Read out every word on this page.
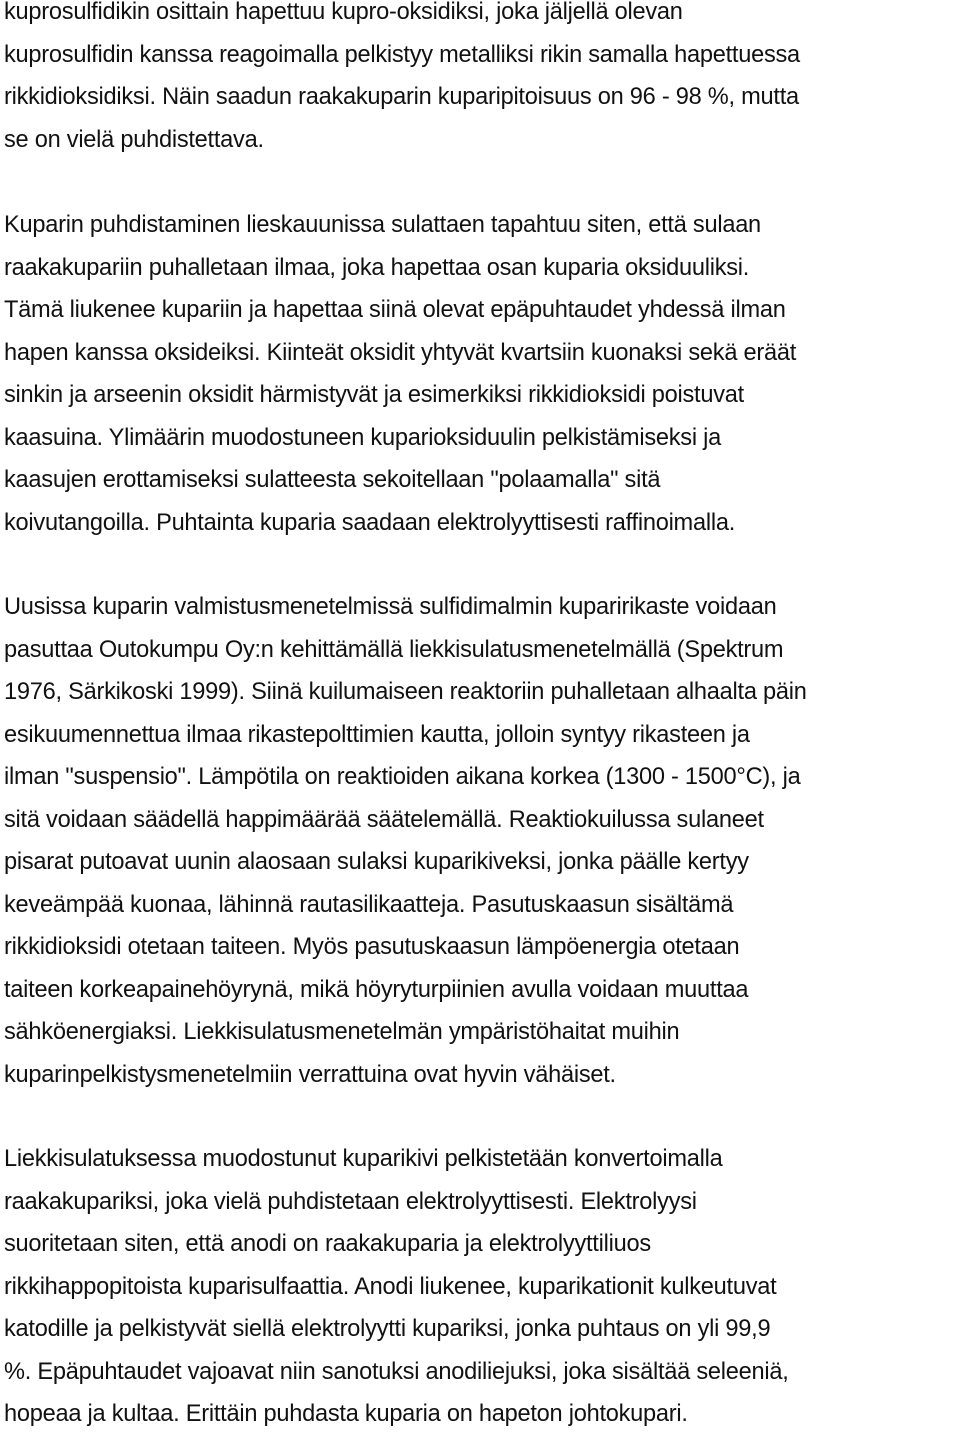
kuprosulfidikin osittain hapettuu kupro-oksidiksi, joka jäljellä olevan
kuprosulfidin kanssa reagoimalla pelkistyy metalliksi rikin samalla hapettuessa
rikkidioksidiksi. Näin saadun raakakuparin kuparipitoisuus on 96 - 98 %, mutta
se on vielä puhdistettava.
Kuparin puhdistaminen lieskauunissa sulattaen tapahtuu siten, että sulaan
raakakupariin puhalletaan ilmaa, joka hapettaa osan kuparia oksiduuliksi.
Tämä liukenee kupariin ja hapettaa siinä olevat epäpuhtaudet yhdessä ilman
hapen kanssa oksideiksi. Kiinteät oksidit yhtyvät kvartsiin kuonaksi sekä eräät
sinkin ja arseenin oksidit härmistyvät ja esimerkiksi rikkidioksidi poistuvat
kaasuina. Ylimäärin muodostuneen kuparioksiduulin pelkistämiseksi ja
kaasujen erottamiseksi sulatteesta sekoitellaan "polaamalla" sitä
koivutangoilla. Puhtainta kuparia saadaan elektrolyyttisesti raffinoimalla.
Uusissa kuparin valmistusmenetelmissä sulfidimalmin kuparirikaste voidaan
pasuttaa Outokumpu Oy:n kehittämällä liekkisulatusmenetelmällä (Spektrum
1976, Särkikoski 1999). Siinä kuilumaiseen reaktoriin puhalletaan alhaalta päin
esikuumennettua ilmaa rikastepolttimien kautta, jolloin syntyy rikasteen ja
ilman "suspensio". Lämpötila on reaktioiden aikana korkea (1300 - 1500°C), ja
sitä voidaan säädellä happimäärää säätelemällä. Reaktiokuilussa sulaneet
pisarat putoavat uunin alaosaan sulaksi kuparikiveksi, jonka päälle kertyy
keveämpää kuonaa, lähinnä rautasilikaatteja. Pasutuskaasun sisältämä
rikkidioksidi otetaan taiteen. Myös pasutuskaasun lämpöenergia otetaan
taiteen korkeapainehöyrynä, mikä höyryturpiinien avulla voidaan muuttaa
sähköenergiaksi. Liekkisulatusmenetelmän ympäristöhaitat muihin
kuparinpelkistysmenetelmiin verrattuina ovat hyvin vähäiset.
Liekkisulatuksessa muodostunut kuparikivi pelkistetään konvertoimalla
raakakupariksi, joka vielä puhdistetaan elektrolyyttisesti. Elektrolyysi
suoritetaan siten, että anodi on raakakuparia ja elektrolyyttiliuos
rikkihappopitoista kuparisulfaattia. Anodi liukenee, kuparikationit kulkeutuvat
katodille ja pelkistyvät siellä elektrolyytti kupariksi, jonka puhtaus on yli 99,9
%. Epäpuhtaudet vajoavat niin sanotuksi anodiliejuksi, joka sisältää seleeniä,
hopeaa ja kultaa. Erittäin puhdasta kuparia on hapeton johtokupari.
